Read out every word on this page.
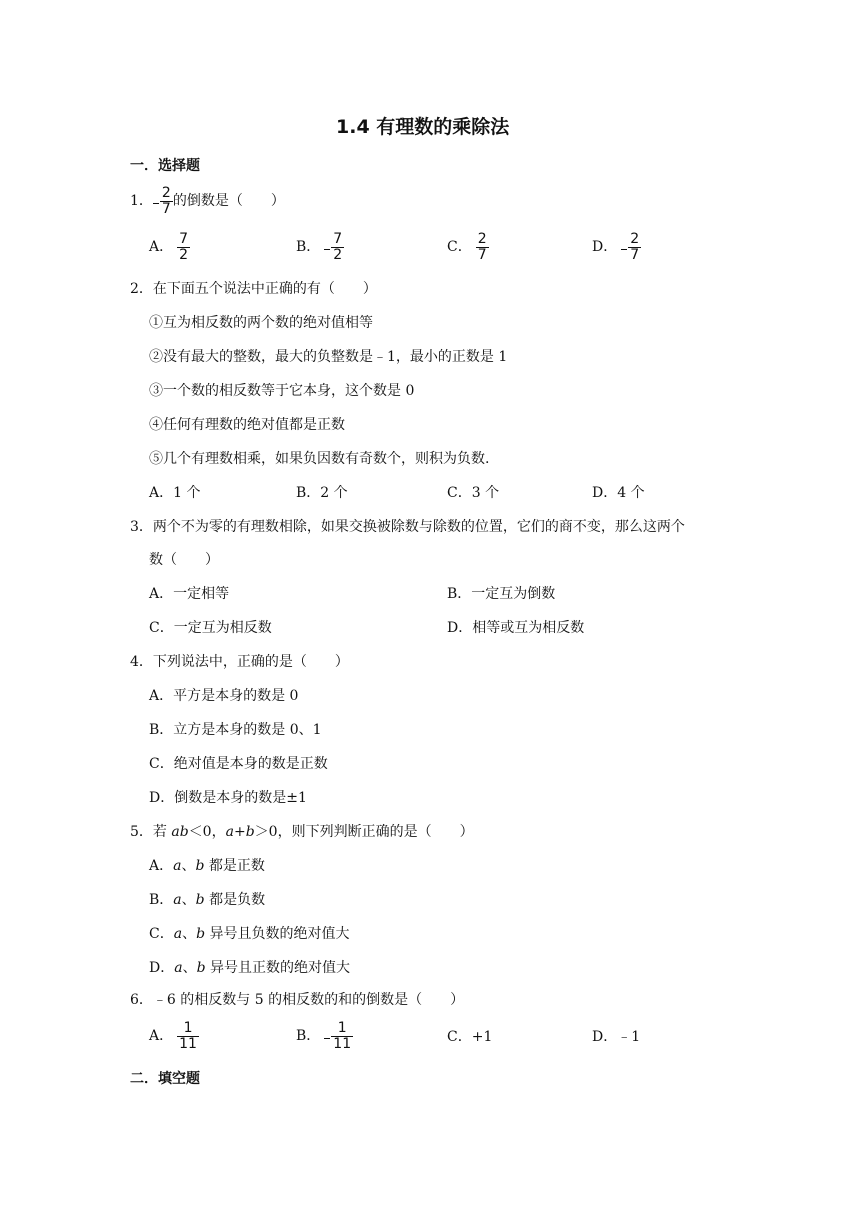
1.4 有理数的乘除法
一．选择题
1． $\frac{2}{7}$ 的倒数是（　　）
A． $\frac{7}{2}$	B． $\frac{7}{2}$	C． $\frac{2}{7}$	D． $\frac{2}{7}$
2．在下面五个说法中正确的有（　　）
①互为相反数的两个数的绝对值相等
②没有最大的整数，最大的负整数是﹣1，最小的正数是 1
③一个数的相反数等于它本身，这个数是 0
④任何有理数的绝对值都是正数
⑤几个有理数相乘，如果负因数有奇数个，则积为负数.
A．1 个	B．2 个	C．3 个	D．4 个
3．两个不为零的有理数相除，如果交换被除数与除数的位置，它们的商不变，那么这两个
数（　　）
A．一定相等	B．一定互为倒数
C．一定互为相反数	D．相等或互为相反数
4．下列说法中，正确的是（　　）
A．平方是本身的数是 0
B．立方是本身的数是 0、1
C．绝对值是本身的数是正数
D．倒数是本身的数是±1
5．若 ab＜0，a+b＞0，则下列判断正确的是（　　）
A．a、b 都是正数
B．a、b 都是负数
C．a、b 异号且负数的绝对值大
D．a、b 异号且正数的绝对值大
6．﹣6 的相反数与 5 的相反数的和的倒数是（　　）
A． $\frac{1}{11}$	B． $\frac{1}{11}$	C．+1	D．﹣1
二．填空题
